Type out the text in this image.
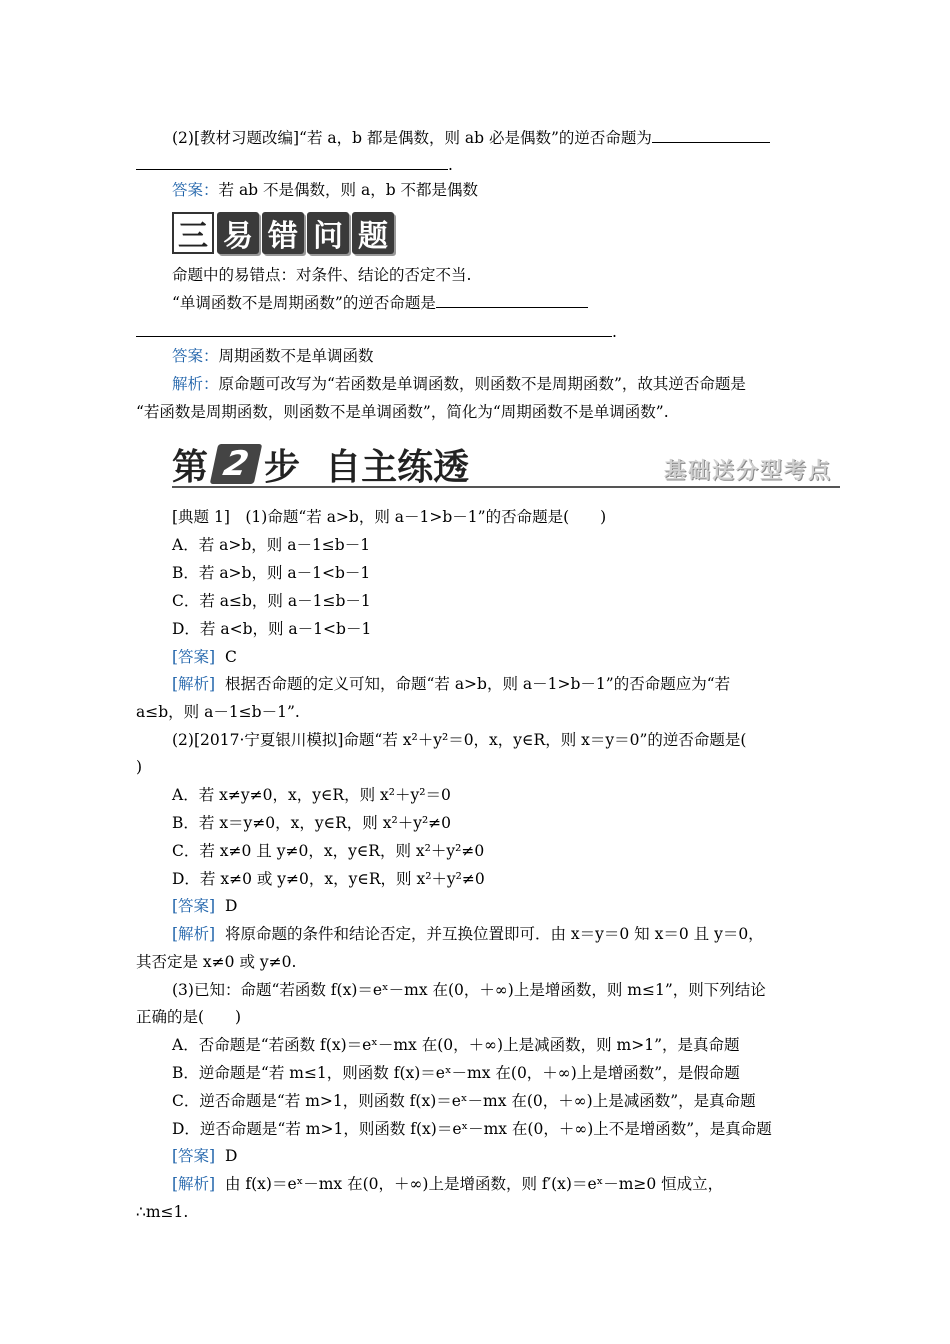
(2)[教材习题改编]“若 a，b 都是偶数，则 ab 必是偶数”的逆否命题为
.
答案：若 ab 不是偶数，则 a，b 不都是偶数
三 易 错 问 题
命题中的易错点：对条件、结论的否定不当.
“单调函数不是周期函数”的逆否命题是
.
答案：周期函数不是单调函数
解析：原命题可改写为“若函数是单调函数，则函数不是周期函数”，故其逆否命题是
“若函数是周期函数，则函数不是单调函数”，简化为“周期函数不是单调函数”.
第 2 步  自主练透	基础送分型考点
[典题 1]　(1)命题“若 a>b，则 a－1>b－1”的否命题是(　　)
A．若 a>b，则 a－1≤b－1
B．若 a>b，则 a－1<b－1
C．若 a≤b，则 a－1≤b－1
D．若 a<b，则 a－1<b－1
[答案] C
[解析] 根据否命题的定义可知，命题“若 a>b，则 a－1>b－1”的否命题应为“若
a≤b，则 a－1≤b－1”.
(2)[2017·宁夏银川模拟]命题“若 x²＋y²＝0，x，y∈R，则 x＝y＝0”的逆否命题是(
)
A．若 x≠y≠0，x，y∈R，则 x²＋y²＝0
B．若 x＝y≠0，x，y∈R，则 x²＋y²≠0
C．若 x≠0 且 y≠0，x，y∈R，则 x²＋y²≠0
D．若 x≠0 或 y≠0，x，y∈R，则 x²＋y²≠0
[答案] D
[解析] 将原命题的条件和结论否定，并互换位置即可．由 x＝y＝0 知 x＝0 且 y＝0，
其否定是 x≠0 或 y≠0.
(3)已知：命题“若函数 f(x)＝eˣ－mx 在(0，＋∞)上是增函数，则 m≤1”，则下列结论
正确的是(　　)
A．否命题是“若函数 f(x)＝eˣ－mx 在(0，＋∞)上是减函数，则 m>1”，是真命题
B．逆命题是“若 m≤1，则函数 f(x)＝eˣ－mx 在(0，＋∞)上是增函数”，是假命题
C．逆否命题是“若 m>1，则函数 f(x)＝eˣ－mx 在(0，＋∞)上是减函数”，是真命题
D．逆否命题是“若 m>1，则函数 f(x)＝eˣ－mx 在(0，＋∞)上不是增函数”，是真命题
[答案] D
[解析] 由 f(x)＝eˣ－mx 在(0，＋∞)上是增函数，则 f′(x)＝eˣ－m≥0 恒成立，
∴m≤1.
